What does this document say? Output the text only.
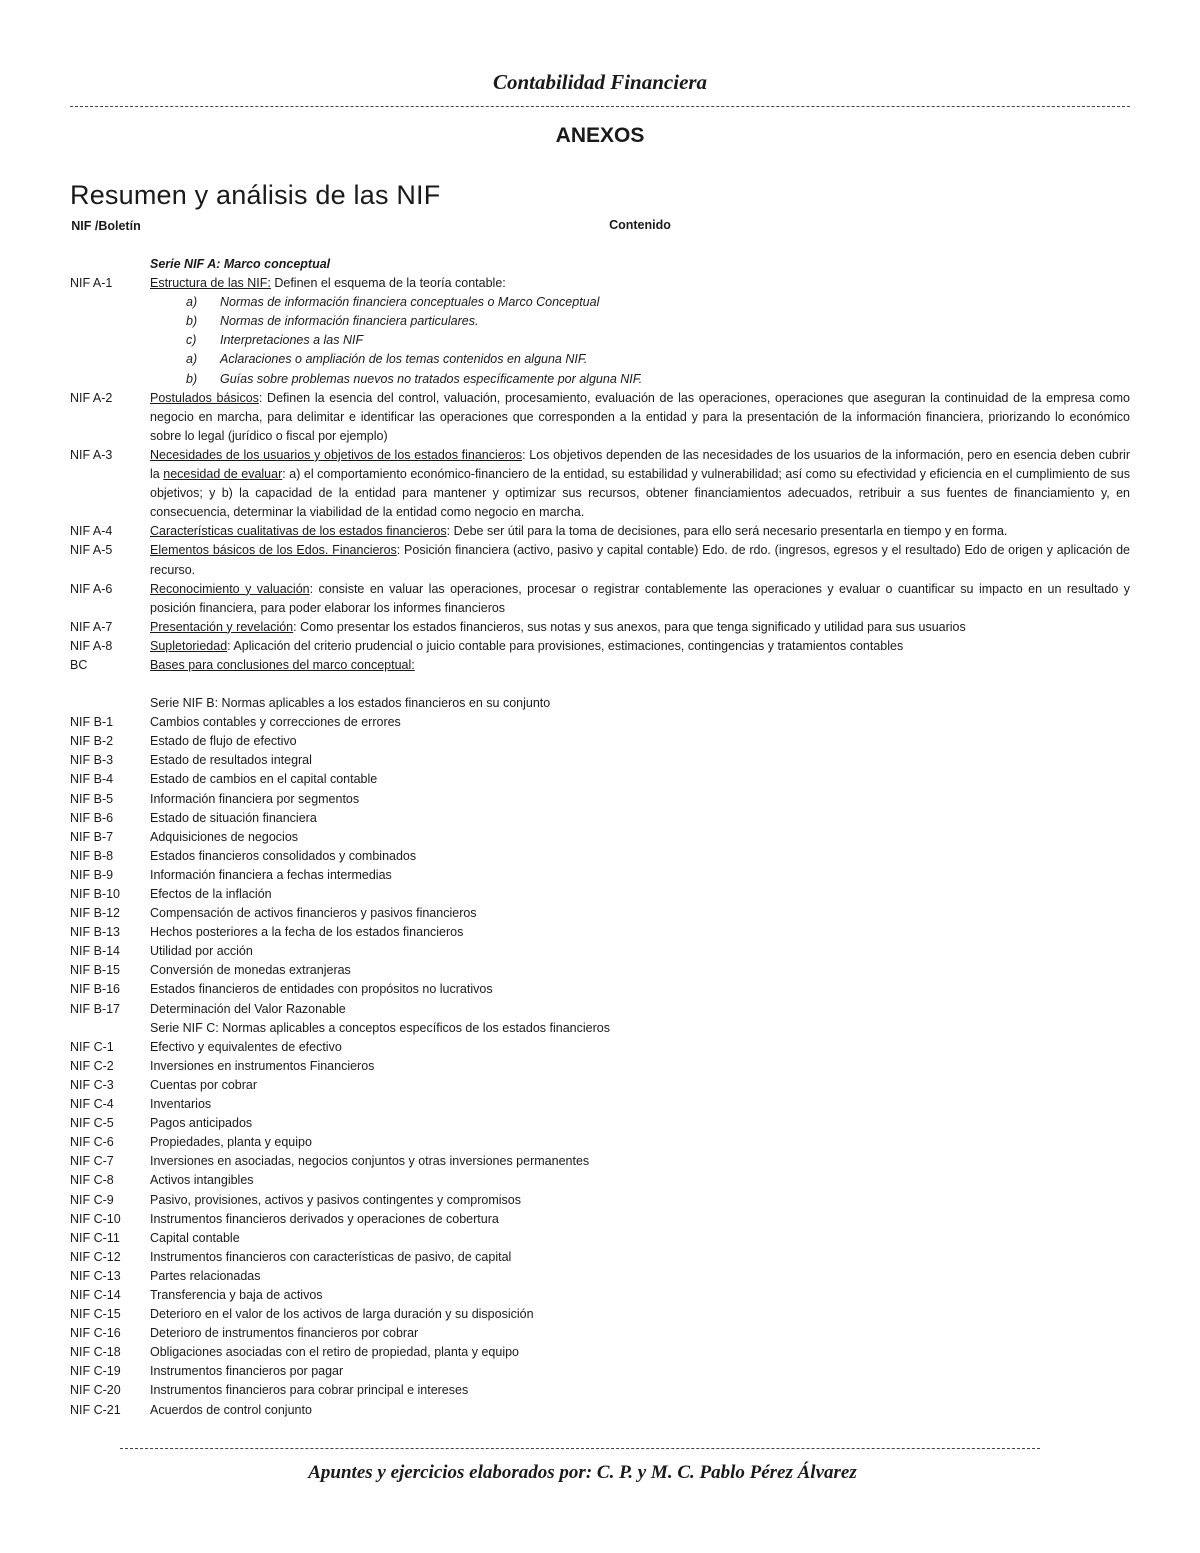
Contabilidad Financiera
ANEXOS
Resumen y análisis de las NIF
NIF /Boletín	Contenido
Serie NIF A: Marco conceptual
NIF A-1	Estructura de las NIF: Definen el esquema de la teoría contable:
a)	Normas de información financiera conceptuales o Marco Conceptual
b)	Normas de información financiera particulares.
c)	Interpretaciones a las NIF
a)	Aclaraciones o ampliación de los temas contenidos en alguna NIF.
b)	Guías sobre problemas nuevos no tratados específicamente por alguna NIF.
NIF A-2	Postulados básicos: Definen la esencia del control, valuación, procesamiento, evaluación de las operaciones, operaciones que aseguran la continuidad de la empresa como negocio en marcha, para delimitar e identificar las operaciones que corresponden a la entidad y para la presentación de la información financiera, priorizando lo económico sobre lo legal (jurídico o fiscal por ejemplo)
NIF A-3	Necesidades de los usuarios y objetivos de los estados financieros: Los objetivos dependen de las necesidades de los usuarios de la información, pero en esencia deben cubrir la necesidad de evaluar: a) el comportamiento económico-financiero de la entidad, su estabilidad y vulnerabilidad; así como su efectividad y eficiencia en el cumplimiento de sus objetivos; y b) la capacidad de la entidad para mantener y optimizar sus recursos, obtener financiamientos adecuados, retribuir a sus fuentes de financiamiento y, en consecuencia, determinar la viabilidad de la entidad como negocio en marcha.
NIF A-4	Características cualitativas de los estados financieros: Debe ser útil para la toma de decisiones, para ello será necesario presentarla en tiempo y en forma.
NIF A-5	Elementos básicos de los Edos. Financieros: Posición financiera (activo, pasivo y capital contable) Edo. de rdo. (ingresos, egresos y el resultado) Edo de origen y aplicación de recurso.
NIF A-6	Reconocimiento y valuación: consiste en valuar las operaciones, procesar o registrar contablemente las operaciones y evaluar o cuantificar su impacto en un resultado y posición financiera, para poder elaborar los informes financieros
NIF A-7	Presentación y revelación: Como presentar los estados financieros, sus notas y sus anexos, para que tenga significado y utilidad para sus usuarios
NIF A-8	Supletoriedad: Aplicación del criterio prudencial o juicio contable para provisiones, estimaciones, contingencias y tratamientos contables
BC	Bases para conclusiones del marco conceptual:
Serie NIF B: Normas aplicables a los estados financieros en su conjunto
NIF B-1	Cambios contables y correcciones de errores
NIF B-2	Estado de flujo de efectivo
NIF B-3	Estado de resultados integral
NIF B-4	Estado de cambios en el capital contable
NIF B-5	Información financiera por segmentos
NIF B-6	Estado de situación financiera
NIF B-7	Adquisiciones de negocios
NIF B-8	Estados financieros consolidados y combinados
NIF B-9	Información financiera a fechas intermedias
NIF B-10	Efectos de la inflación
NIF B-12	Compensación de activos financieros y pasivos financieros
NIF B-13	Hechos posteriores a la fecha de los estados financieros
NIF B-14	Utilidad por acción
NIF B-15	Conversión de monedas extranjeras
NIF B-16	Estados financieros de entidades con propósitos no lucrativos
NIF B-17	Determinación del Valor Razonable
Serie NIF C: Normas aplicables a conceptos específicos de los estados financieros
NIF C-1	Efectivo y equivalentes de efectivo
NIF C-2	Inversiones en instrumentos Financieros
NIF C-3	Cuentas por cobrar
NIF C-4	Inventarios
NIF C-5	Pagos anticipados
NIF C-6	Propiedades, planta y equipo
NIF C-7	Inversiones en asociadas, negocios conjuntos y otras inversiones permanentes
NIF C-8	Activos intangibles
NIF C-9	Pasivo, provisiones, activos y pasivos contingentes y compromisos
NIF C-10	Instrumentos financieros derivados y operaciones de cobertura
NIF C-11	Capital contable
NIF C-12	Instrumentos financieros con características de pasivo, de capital
NIF C-13	Partes relacionadas
NIF C-14	Transferencia y baja de activos
NIF C-15	Deterioro en el valor de los activos de larga duración y su disposición
NIF C-16	Deterioro de instrumentos financieros por cobrar
NIF C-18	Obligaciones asociadas con el retiro de propiedad, planta y equipo
NIF C-19	Instrumentos financieros por pagar
NIF C-20	Instrumentos financieros para cobrar principal e intereses
NIF C-21	Acuerdos de control conjunto
Apuntes y ejercicios elaborados por: C. P. y M. C. Pablo Pérez Álvarez
